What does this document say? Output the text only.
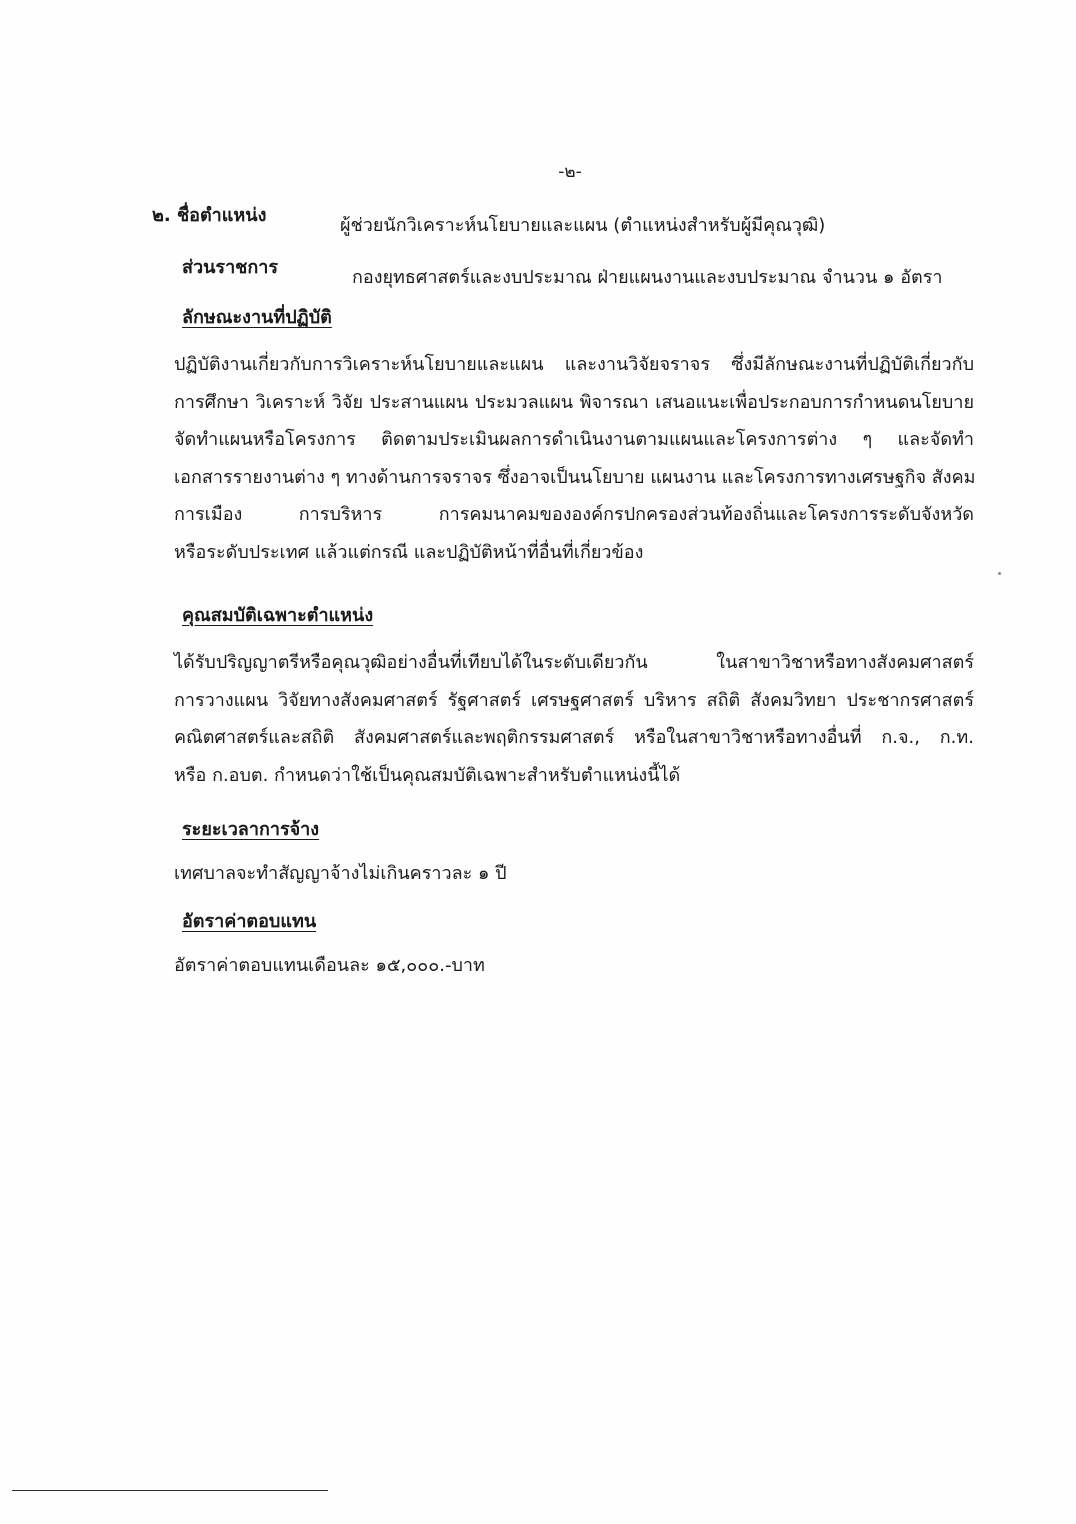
-๒-
๒. ชื่อตำแหน่ง	ผู้ช่วยนักวิเคราะห์นโยบายและแผน (ตำแหน่งสำหรับผู้มีคุณวุฒิ)
ส่วนราชการ	กองยุทธศาสตร์และงบประมาณ ฝ่ายแผนงานและงบประมาณ จำนวน ๑ อัตรา
ลักษณะงานที่ปฏิบัติ
ปฏิบัติงานเกี่ยวกับการวิเคราะห์นโยบายและแผน และงานวิจัยจราจร ซึ่งมีลักษณะงานที่ปฏิบัติเกี่ยวกับ
การศึกษา วิเคราะห์ วิจัย ประสานแผน ประมวลแผน พิจารณา เสนอแนะเพื่อประกอบการกำหนดนโยบาย
จัดทำแผนหรือโครงการ ติดตามประเมินผลการดำเนินงานตามแผนและโครงการต่าง ๆ และจัดทำ
เอกสารรายงานต่าง ๆ ทางด้านการจราจร ซึ่งอาจเป็นนโยบาย แผนงาน และโครงการทางเศรษฐกิจ สังคม
การเมือง การบริหาร การคมนาคมขององค์กรปกครองส่วนท้องถิ่นและโครงการระดับจังหวัด
หรือระดับประเทศ แล้วแต่กรณี และปฏิบัติหน้าที่อื่นที่เกี่ยวข้อง
คุณสมบัติเฉพาะตำแหน่ง
ได้รับปริญญาตรีหรือคุณวุฒิอย่างอื่นที่เทียบได้ในระดับเดียวกัน ในสาขาวิชาหรือทางสังคมศาสตร์
การวางแผน วิจัยทางสังคมศาสตร์ รัฐศาสตร์ เศรษฐศาสตร์ บริหาร สถิติ สังคมวิทยา ประชากรศาสตร์
คณิตศาสตร์และสถิติ สังคมศาสตร์และพฤติกรรมศาสตร์ หรือในสาขาวิชาหรือทางอื่นที่ ก.จ., ก.ท.
หรือ ก.อบต. กำหนดว่าใช้เป็นคุณสมบัติเฉพาะสำหรับตำแหน่งนี้ได้
ระยะเวลาการจ้าง
เทศบาลจะทำสัญญาจ้างไม่เกินคราวละ ๑ ปี
อัตราค่าตอบแทน
อัตราค่าตอบแทนเดือนละ ๑๕,๐๐๐.-บาท
